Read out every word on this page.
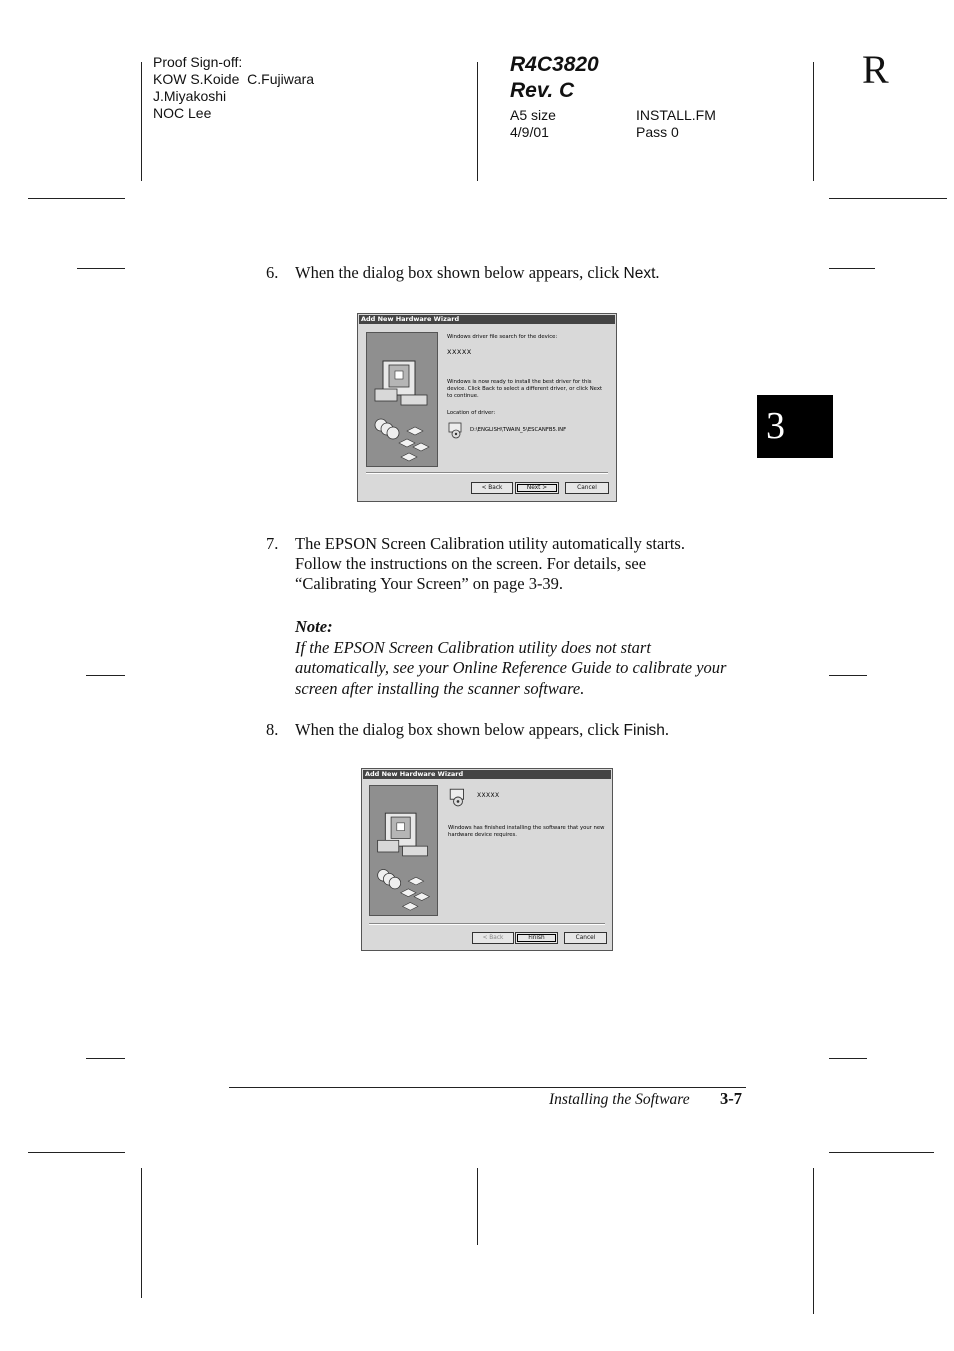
Proof Sign-off:
KOW S.Koide  C.Fujiwara
J.Miyakoshi
NOC Lee
R4C3820
Rev. C
A5 size
4/9/01
INSTALL.FM
Pass 0
R
3
6. When the dialog box shown below appears, click Next.
Add New Hardware Wizard
Windows driver file search for the device:
XXXXX
Windows is now ready to install the best driver for this
device. Click Back to select a different driver, or click Next
to continue.
Location of driver:
D:\ENGLISH\TWAIN_5\ESCANFB5.INF
< Back	Next >	Cancel
7. The EPSON Screen Calibration utility automatically starts.
Follow the instructions on the screen. For details, see
“Calibrating Your Screen” on page 3-39.
Note:
If the EPSON Screen Calibration utility does not start
automatically, see your Online Reference Guide to calibrate your
screen after installing the scanner software.
8. When the dialog box shown below appears, click Finish.
Add New Hardware Wizard
XXXXX
Windows has finished installing the software that your new
hardware device requires.
< Back	Finish	Cancel
Installing the Software 3-7
